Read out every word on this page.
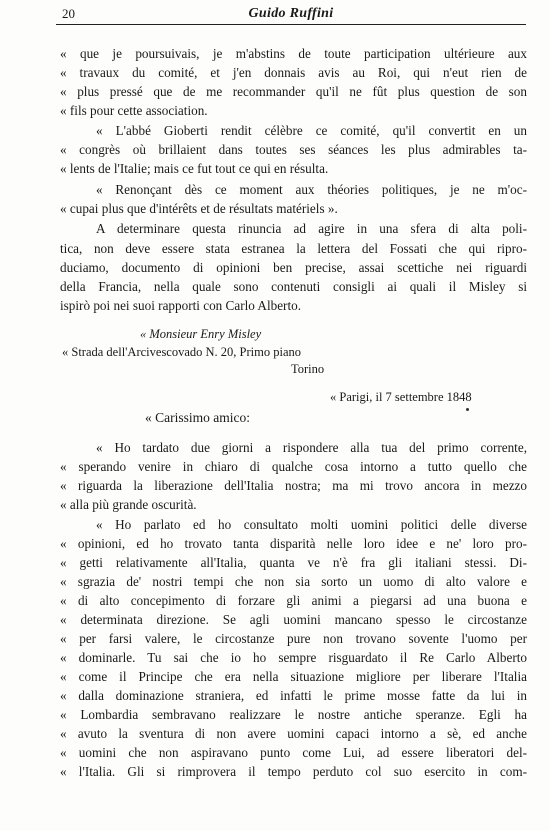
20	Guido Ruffini
« que je poursuivais, je m'abstins de toute participation ultérieure aux
« travaux du comité, et j'en donnais avis au Roi, qui n'eut rien de
« plus pressé que de me recommander qu'il ne fût plus question de son
« fils pour cette association.
« L'abbé Gioberti rendit célèbre ce comité, qu'il convertit en un
« congrès où brillaient dans toutes ses séances les plus admirables ta-
« lents de l'Italie; mais ce fut tout ce qui en résulta.
« Renonçant dès ce moment aux théories politiques, je ne m'oc-
« cupai plus que d'intérêts et de résultats matériels ».
A determinare questa rinuncia ad agire in una sfera di alta poli-
tica, non deve essere stata estranea la lettera del Fossati che qui ripro-
duciamo, documento di opinioni ben precise, assai scettiche nei riguardi
della Francia, nella quale sono contenuti consigli ai quali il Misley si
ispirò poi nei suoi rapporti con Carlo Alberto.
« Monsieur Enry Misley
« Strada dell'Arcivescovado N. 20, Primo piano
Torino
« Parigi, il 7 settembre 1848
« Carissimo amico:
« Ho tardato due giorni a rispondere alla tua del primo corrente,
« sperando venire in chiaro di qualche cosa intorno a tutto quello che
« riguarda la liberazione dell'Italia nostra; ma mi trovo ancora in mezzo
« alla più grande oscurità.
« Ho parlato ed ho consultato molti uomini politici delle diverse
« opinioni, ed ho trovato tanta disparità nelle loro idee e ne' loro pro-
« getti relativamente all'Italia, quanta ve n'è fra gli italiani stessi. Di-
« sgrazia de' nostri tempi che non sia sorto un uomo di alto valore e
« di alto concepimento di forzare gli animi a piegarsi ad una buona e
« determinata direzione. Se agli uomini mancano spesso le circostanze
« per farsi valere, le circostanze pure non trovano sovente l'uomo per
« dominarle. Tu sai che io ho sempre risguardato il Re Carlo Alberto
« come il Principe che era nella situazione migliore per liberare l'Italia
« dalla dominazione straniera, ed infatti le prime mosse fatte da lui in
« Lombardia sembravano realizzare le nostre antiche speranze. Egli ha
« avuto la sventura di non avere uomini capaci intorno a sè, ed anche
« uomini che non aspiravano punto come Lui, ad essere liberatori del-
« l'Italia. Gli si rimprovera il tempo perduto col suo esercito in com-
